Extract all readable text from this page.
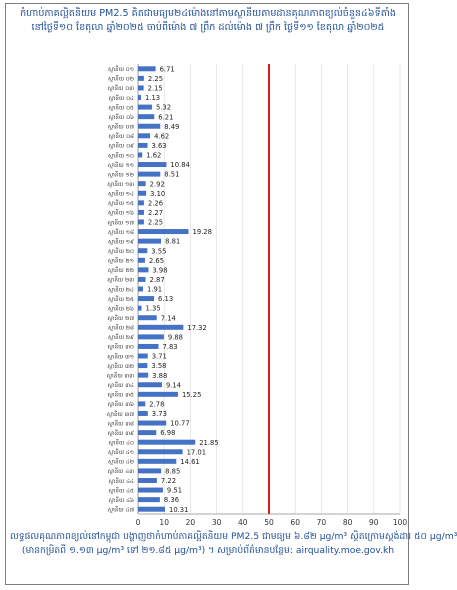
កំហាប់ភាគល្អិតនិយម PM2.5 គិតជាមធ្យម២៤ម៉ោងនៅតាមស្ថានីយតាមដានគុណភាពខ្យល់ចំនួន៤៦ទីតាំង
នៅថ្ងៃទី១០ ខែតុលា ឆ្នាំ២០២៥ ចាប់ពីម៉ោង ៧ ព្រឹក ដល់ម៉ោង ៧ ព្រឹក ថ្ងៃទី១១ ខែតុលា ឆ្នាំ២០២៥
0	10 20 30 40 50 60 70 80 90 100
ស្ថានីយ ០១	6.71
ស្ថានីយ ០២ 2.25
ស្ថានីយ ០៣ 2.15
ស្ថានីយ ០៤ 1.13
ស្ថានីយ ០៥	5.32
ស្ថានីយ ០៦	6.21
ស្ថានីយ ០៧	8.49
ស្ថានីយ ០៨	4.62
ស្ថានីយ ០៩	3.63
ស្ថានីយ ១០ 1.62
ស្ថានីយ ១១	10.84
ស្ថានីយ ១២	8.51
ស្ថានីយ ១៣ 2.92
ស្ថានីយ ១៤ 3.10
ស្ថានីយ ១៥ 2.26
ស្ថានីយ ១៦ 2.27
ស្ថានីយ ១៧ 2.25
ស្ថានីយ ១៨	19.28
ស្ថានីយ ១៩	8.81
ស្ថានីយ ២០	3.55
ស្ថានីយ ២១ 2.65
ស្ថានីយ ២២	3.98
ស្ថានីយ ២៣ 2.87
ស្ថានីយ ២៤ 1.91
ស្ថានីយ ២៥	6.13
ស្ថានីយ ២៦ 1.35
ស្ថានីយ ២៧	7.14
ស្ថានីយ ២៨	17.32
ស្ថានីយ ២៩	9.88
ស្ថានីយ ៣០	7.83
ស្ថានីយ ៣១	3.71
ស្ថានីយ ៣២	3.58
ស្ថានីយ ៣៣	3.88
ស្ថានីយ ៣៤	9.14
ស្ថានីយ ៣៥	15.25
ស្ថានីយ ៣៦ 2.78
ស្ថានីយ ៣៧	3.73
ស្ថានីយ ៣៨	10.77
ស្ថានីយ ៣៩	6.98
ស្ថានីយ ៤០	21.85
ស្ថានីយ ៤១	17.01
ស្ថានីយ ៤២	14.61
ស្ថានីយ ៤៣	8.85
ស្ថានីយ ៤៤	7.22
ស្ថានីយ ៤៥	9.51
ស្ថានីយ ៤៦	8.36
ស្ថានីយ ៤៧	10.31
លទ្ធផលគុណភាពខ្យល់នៅកម្ពុជា បង្ហាញថាកំហាប់ភាគល្អិតនិយម PM2.5 ជាមធ្យម ៦.៨២ µg/m³ ស្ថិតក្រោមស្តង់ដារ ៥០ µg/m³
(មានកម្រិតពី ១.១៣ µg/m³ ទៅ ២១.៨៥ µg/m³) ។ សម្រាប់ព័ត៌មានបន្ថែម: airquality.moe.gov.kh
